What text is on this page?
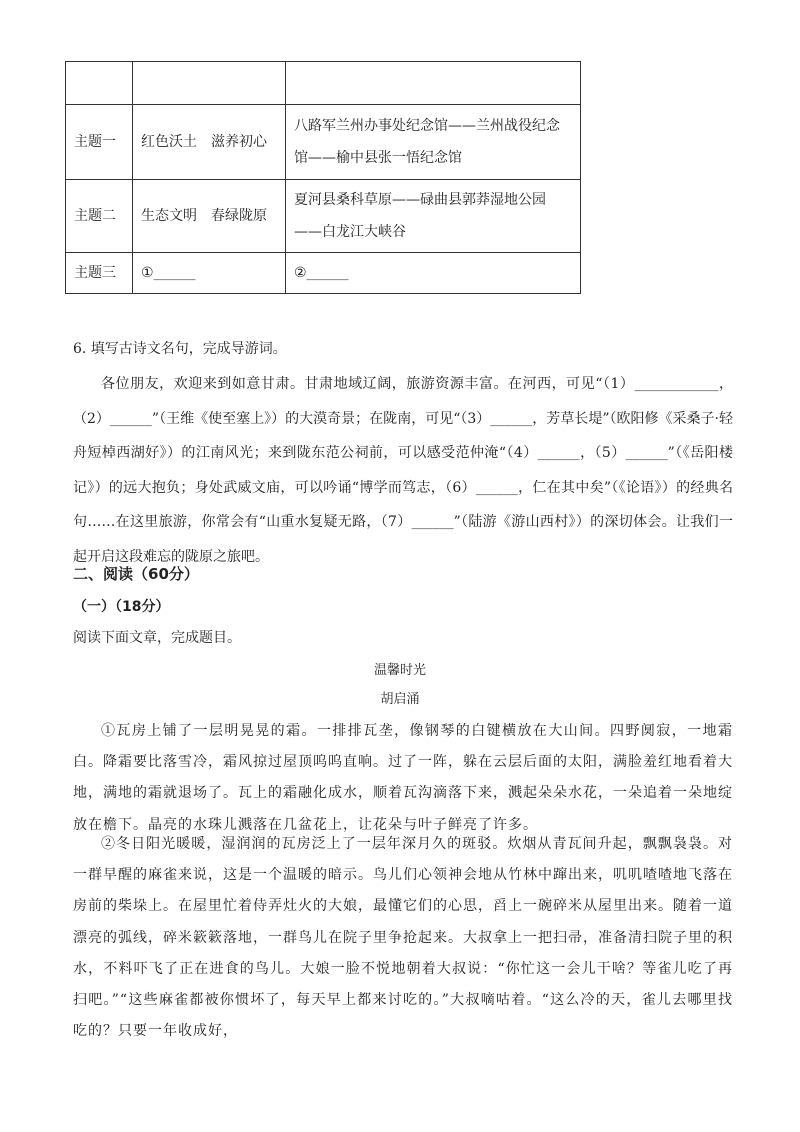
主题一	红色沃土　滋养初心	八路军兰州办事处纪念馆——兰州战役纪念馆——榆中县张一悟纪念馆
主题二	生态文明　春绿陇原	夏河县桑科草原——碌曲县郭莽湿地公园——白龙江大峡谷
主题三	①______	②______
6. 填写古诗文名句，完成导游词。

各位朋友，欢迎来到如意甘肃。甘肃地域辽阔，旅游资源丰富。在河西，可见“（1）____________，（2）______”（王维《使至塞上》）的大漠奇景；在陇南，可见“（3）______，芳草长堤”（欧阳修《采桑子·轻舟短棹西湖好》）的江南风光；来到陇东范公祠前，可以感受范仲淹“（4）______，（5）______”（《岳阳楼记》）的远大抱负；身处武威文庙，可以吟诵“博学而笃志，（6）______，仁在其中矣”（《论语》）的经典名句……在这里旅游，你常会有“山重水复疑无路，（7）______”（陆游《游山西村》）的深切体会。让我们一起开启这段难忘的陇原之旅吧。

二、阅读（60分）
（一）（18分）
阅读下面文章，完成题目。
温馨时光
胡启涌

①瓦房上铺了一层明晃晃的霜。一排排瓦垄，像钢琴的白键横放在大山间。四野阒寂，一地霜白。降霜要比落雪冷，霜风掠过屋顶呜呜直响。过了一阵，躲在云层后面的太阳，满脸羞红地看着大地，满地的霜就退场了。瓦上的霜融化成水，顺着瓦沟滴落下来，溅起朵朵水花，一朵追着一朵地绽放在檐下。晶亮的水珠儿溅落在几盆花上，让花朵与叶子鲜亮了许多。

②冬日阳光暖暖，湿润润的瓦房泛上了一层年深月久的斑驳。炊烟从青瓦间升起，飘飘袅袅。对一群早醒的麻雀来说，这是一个温暖的暗示。鸟儿们心领神会地从竹林中蹿出来，叽叽喳喳地飞落在房前的柴垛上。在屋里忙着侍弄灶火的大娘，最懂它们的心思，舀上一碗碎米从屋里出来。随着一道漂亮的弧线，碎米簌簌落地，一群鸟儿在院子里争抢起来。大叔拿上一把扫帚，准备清扫院子里的积水，不料吓飞了正在进食的鸟儿。大娘一脸不悦地朝着大叔说：“你忙这一会儿干啥？等雀儿吃了再扫吧。”“这些麻雀都被你惯坏了，每天早上都来讨吃的。”大叔嘀咕着。“这么冷的天，雀儿去哪里找吃的？只要一年收成好，
